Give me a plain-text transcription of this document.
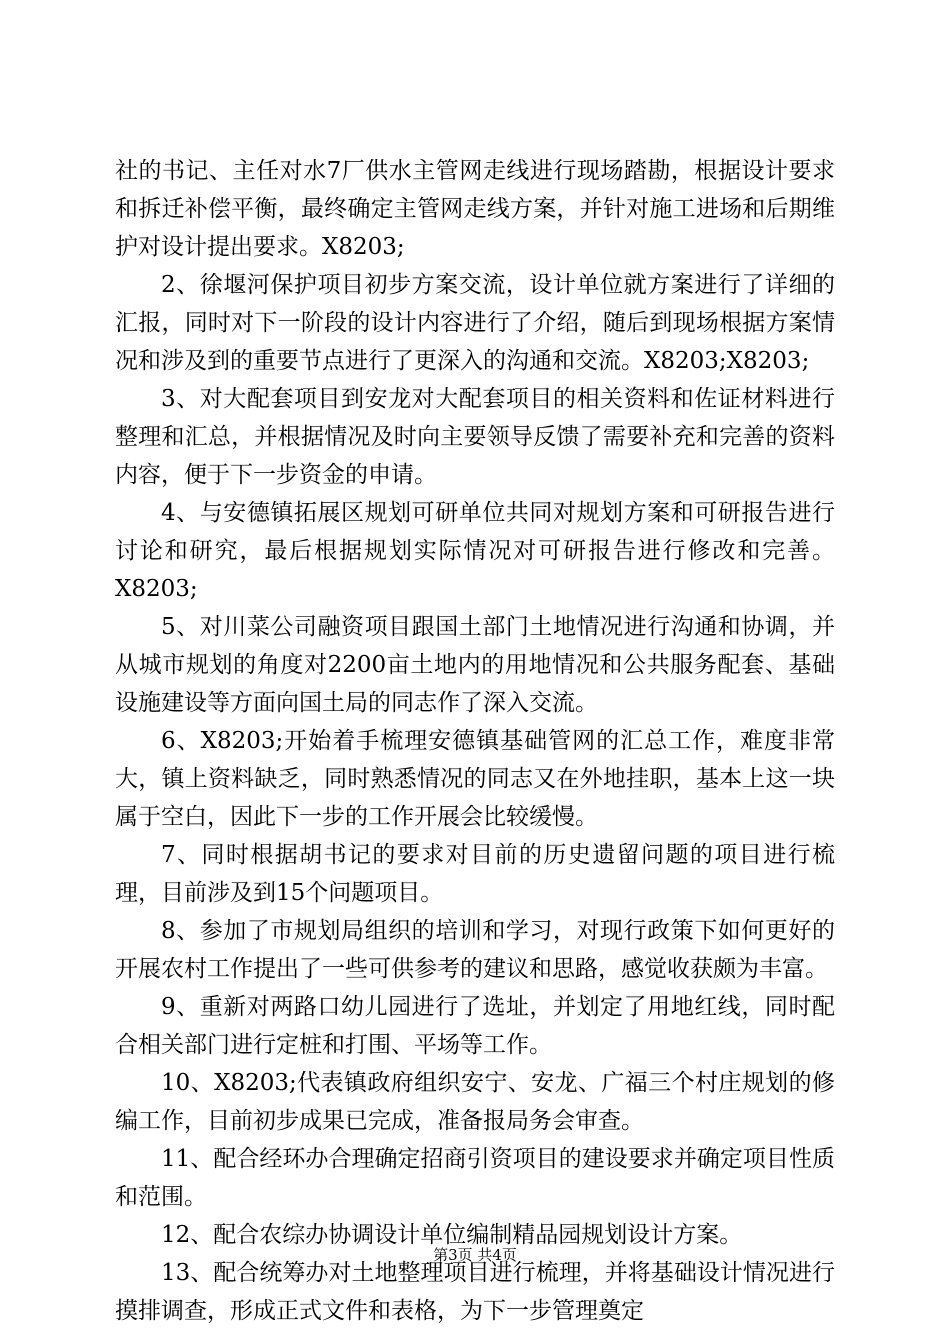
社的书记、主任对水7厂供水主管网走线进行现场踏勘，根据设计要求和拆迁补偿平衡，最终确定主管网走线方案，并针对施工进场和后期维护对设计提出要求。X8203;

2、徐堰河保护项目初步方案交流，设计单位就方案进行了详细的汇报，同时对下一阶段的设计内容进行了介绍，随后到现场根据方案情况和涉及到的重要节点进行了更深入的沟通和交流。X8203;X8203;

3、对大配套项目到安龙对大配套项目的相关资料和佐证材料进行整理和汇总，并根据情况及时向主要领导反馈了需要补充和完善的资料内容，便于下一步资金的申请。

4、与安德镇拓展区规划可研单位共同对规划方案和可研报告进行讨论和研究，最后根据规划实际情况对可研报告进行修改和完善。X8203;

5、对川菜公司融资项目跟国土部门土地情况进行沟通和协调，并从城市规划的角度对2200亩土地内的用地情况和公共服务配套、基础设施建设等方面向国土局的同志作了深入交流。

6、X8203;开始着手梳理安德镇基础管网的汇总工作，难度非常大，镇上资料缺乏，同时熟悉情况的同志又在外地挂职，基本上这一块属于空白，因此下一步的工作开展会比较缓慢。

7、同时根据胡书记的要求对目前的历史遗留问题的项目进行梳理，目前涉及到15个问题项目。

8、参加了市规划局组织的培训和学习，对现行政策下如何更好的开展农村工作提出了一些可供参考的建议和思路，感觉收获颇为丰富。

9、重新对两路口幼儿园进行了选址，并划定了用地红线，同时配合相关部门进行定桩和打围、平场等工作。

10、X8203;代表镇政府组织安宁、安龙、广福三个村庄规划的修编工作，目前初步成果已完成，准备报局务会审查。

11、配合经环办合理确定招商引资项目的建设要求并确定项目性质和范围。

12、配合农综办协调设计单位编制精品园规划设计方案。

13、配合统筹办对土地整理项目进行梳理，并将基础设计情况进行摸排调查，形成正式文件和表格，为下一步管理奠定

第3页 共4页
